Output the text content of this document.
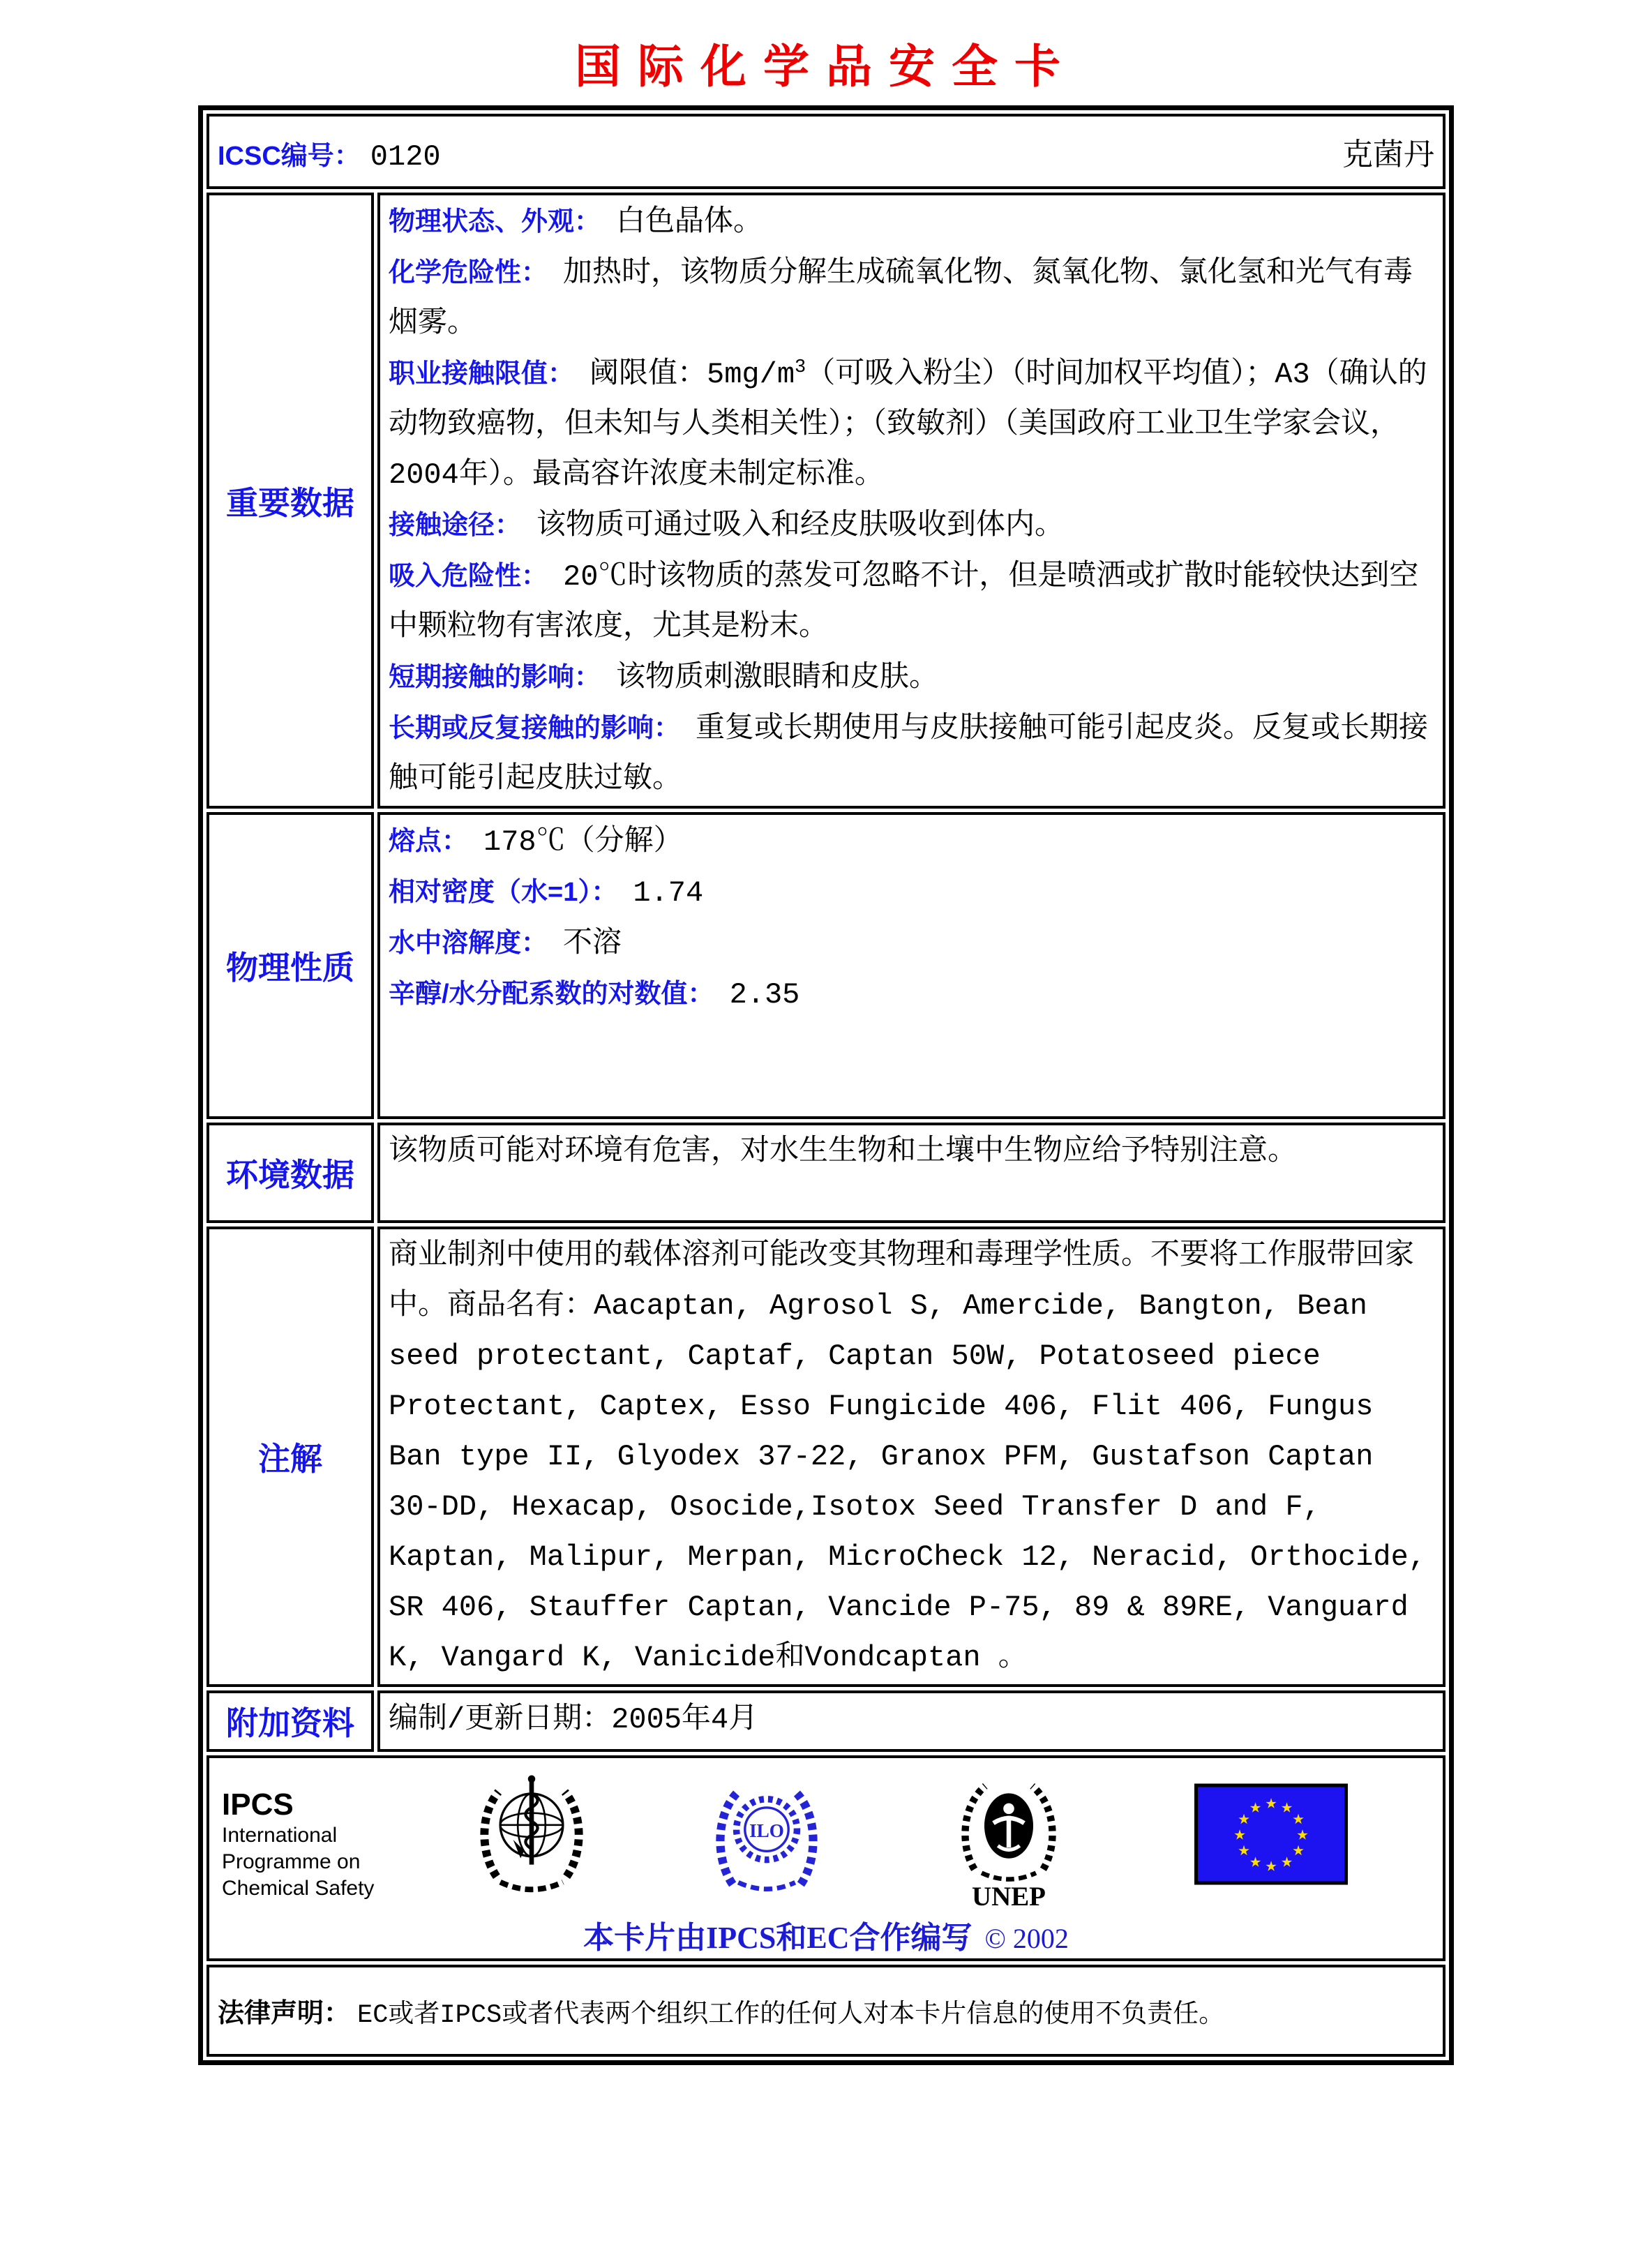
国际化学品安全卡
ICSC编号： 0120 克菌丹	

重要数据	
物理状态、外观： 白色晶体。
化学危险性： 加热时，该物质分解生成硫氧化物、氮氧化物、氯化氢和光气有毒烟雾。
职业接触限值： 阈限值：$5mg/m^3$（可吸入粉尘）（时间加权平均值）；A3（确认的动物致癌物，但未知与人类相关性）；（致敏剂）（美国政府工业卫生学家会议，2004年）。最高容许浓度未制定标准。
接触途径： 该物质可通过吸入和经皮肤吸收到体内。
吸入危险性： 20℃时该物质的蒸发可忽略不计，但是喷洒或扩散时能较快达到空中颗粒物有害浓度，尤其是粉末。
短期接触的影响： 该物质刺激眼睛和皮肤。
长期或反复接触的影响： 重复或长期使用与皮肤接触可能引起皮炎。反复或长期接触可能引起皮肤过敏。

物理性质	熔点： 178℃（分解）
相对密度（水=1）： 1.74
水中溶解度： 不溶
辛醇/水分配系数的对数值： 2.35

环境数据	该物质可能对环境有危害，对水生生物和土壤中生物应给予特别注意。

注解	商业制剂中使用的载体溶剂可能改变其物理和毒理学性质。不要将工作服带回家中。商品名有：Aacaptan, Agrosol S, Amercide, Bangton, Bean seed protectant, Captaf, Captan 50W, Potatoseed piece Protectant, Captex, Esso Fungicide 406, Flit 406, Fungus Ban type II, Glyodex 37-22, Granox PFM, Gustafson Captan 30-DD, Hexacap, Osocide,Isotox Seed Transfer D and F, Kaptan, Malipur, Merpan, MicroCheck 12, Neracid, Orthocide, SR 406, Stauffer Captan, Vancide P-75, 89 & 89RE, Vanguard K, Vangard K, Vanicide和Vondcaptan 。

附加资料	编制/更新日期：2005年4月

IPCS
International
Programme on
Chemical Safety
ILO
UNEP
★ ★
★
★
★
★
★
★
★
★
★
★
本卡片由IPCS和EC合作编写 © 2002

法律声明： EC或者IPCS或者代表两个组织工作的任何人对本卡片信息的使用不负责任。	
